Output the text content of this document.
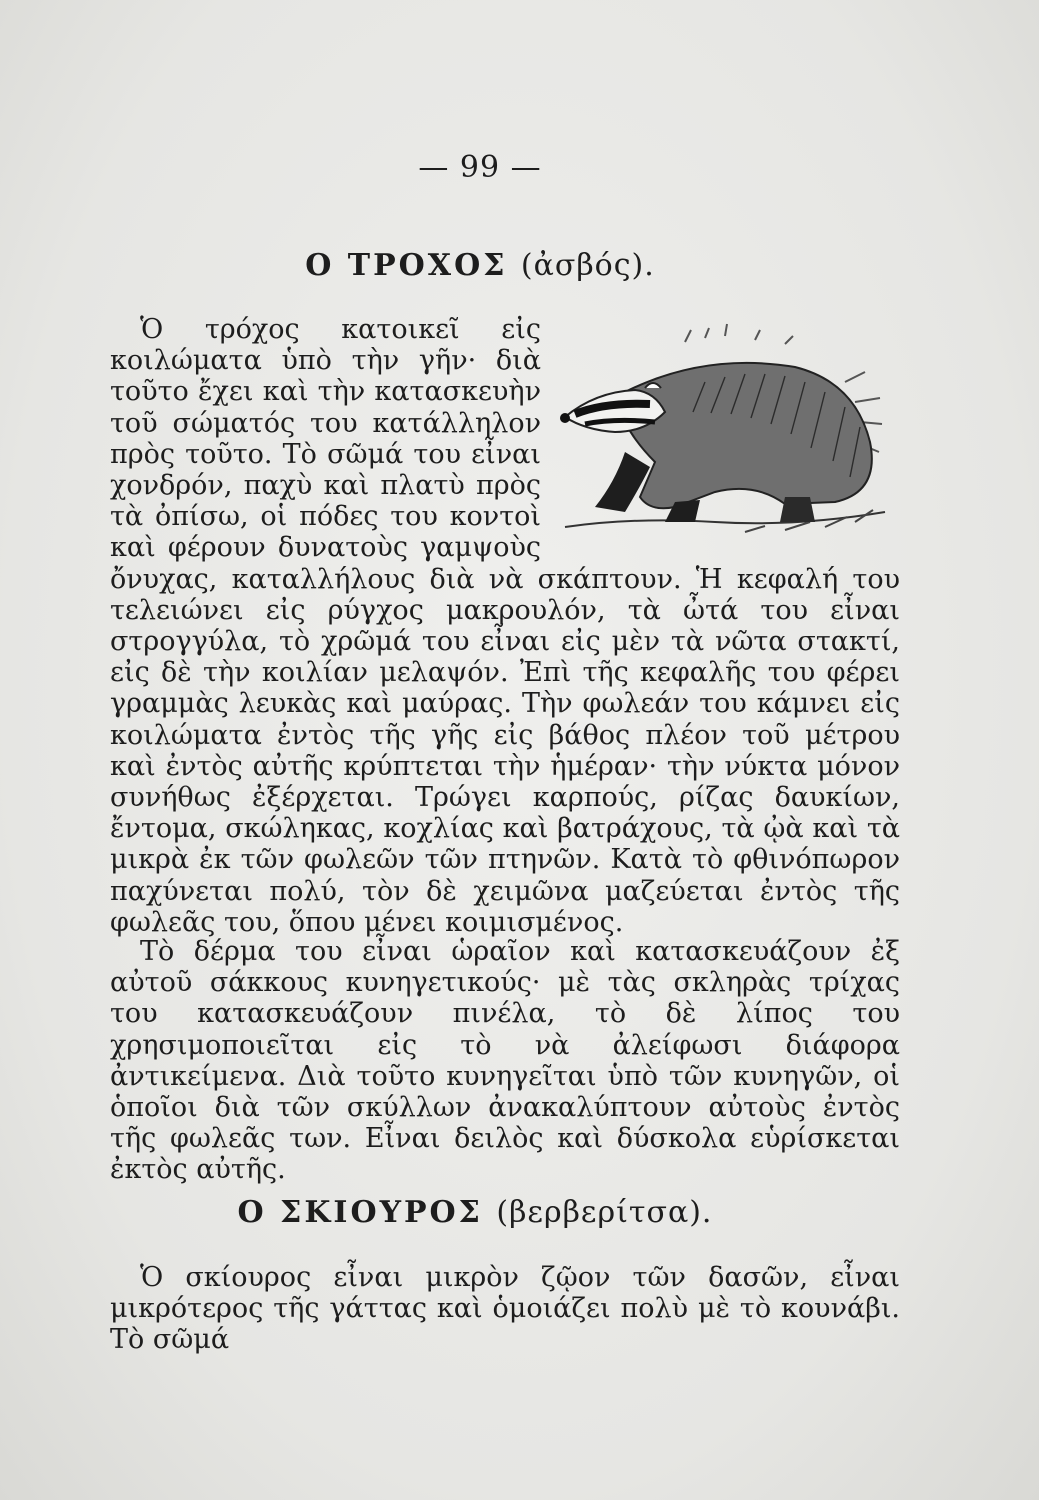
— 99 —
Ο ΤΡΟΧΟΣ (ἀσβός).
Ὁ τρόχος κατοικεῖ εἰς κοιλώματα ὑπὸ τὴν γῆν· διὰ τοῦτο ἔχει καὶ τὴν κατασκευὴν τοῦ σώματός του κατάλληλον πρὸς τοῦτο. Τὸ σῶμά του εἶναι χονδρόν, παχὺ καὶ πλατὺ πρὸς τὰ ὀπίσω, οἱ πόδες του κοντοὶ καὶ φέρουν δυνατοὺς γαμψοὺς ὄνυχας, καταλλήλους διὰ νὰ σκάπτουν. Ἡ κεφαλή του τελειώνει εἰς ρύγχος μακρουλόν, τὰ ὦτά του εἶναι στρογγύλα, τὸ χρῶμά του εἶναι εἰς μὲν τὰ νῶτα στακτί, εἰς δὲ τὴν κοιλίαν μελαψόν. Ἐπὶ τῆς κεφαλῆς του φέρει γραμμὰς λευκὰς καὶ μαύρας. Τὴν φωλεάν του κάμνει εἰς κοιλώματα ἐντὸς τῆς γῆς εἰς βάθος πλέον τοῦ μέτρου καὶ ἐντὸς αὐτῆς κρύπτεται τὴν ἡμέραν· τὴν νύκτα μόνον συνήθως ἐξέρχεται. Τρώγει καρπούς, ρίζας δαυκίων, ἔντομα, σκώληκας, κοχλίας καὶ βατράχους, τὰ ᾠὰ καὶ τὰ μικρὰ ἐκ τῶν φωλεῶν τῶν πτηνῶν. Κατὰ τὸ φθινόπωρον παχύνεται πολύ, τὸν δὲ χειμῶνα μαζεύεται ἐντὸς τῆς φωλεᾶς του, ὅπου μένει κοιμισμένος.
Τὸ δέρμα του εἶναι ὡραῖον καὶ κατασκευάζουν ἐξ αὐτοῦ σάκκους κυνηγετικούς· μὲ τὰς σκληρὰς τρίχας του κατασκευάζουν πινέλα, τὸ δὲ λίπος του χρησιμοποιεῖται εἰς τὸ νὰ ἀλείφωσι διάφορα ἀντικείμενα. Διὰ τοῦτο κυνηγεῖται ὑπὸ τῶν κυνηγῶν, οἱ ὁποῖοι διὰ τῶν σκύλλων ἀνακαλύπτουν αὐτοὺς ἐντὸς τῆς φωλεᾶς των. Εἶναι δειλὸς καὶ δύσκολα εὑρίσκεται ἐκτὸς αὐτῆς.
Ο ΣΚΙΟΥΡΟΣ (βερβερίτσα).
Ὁ σκίουρος εἶναι μικρὸν ζῷον τῶν δασῶν, εἶναι μικρότερος τῆς γάττας καὶ ὁμοιάζει πολὺ μὲ τὸ κουνάβι. Τὸ σῶμά
